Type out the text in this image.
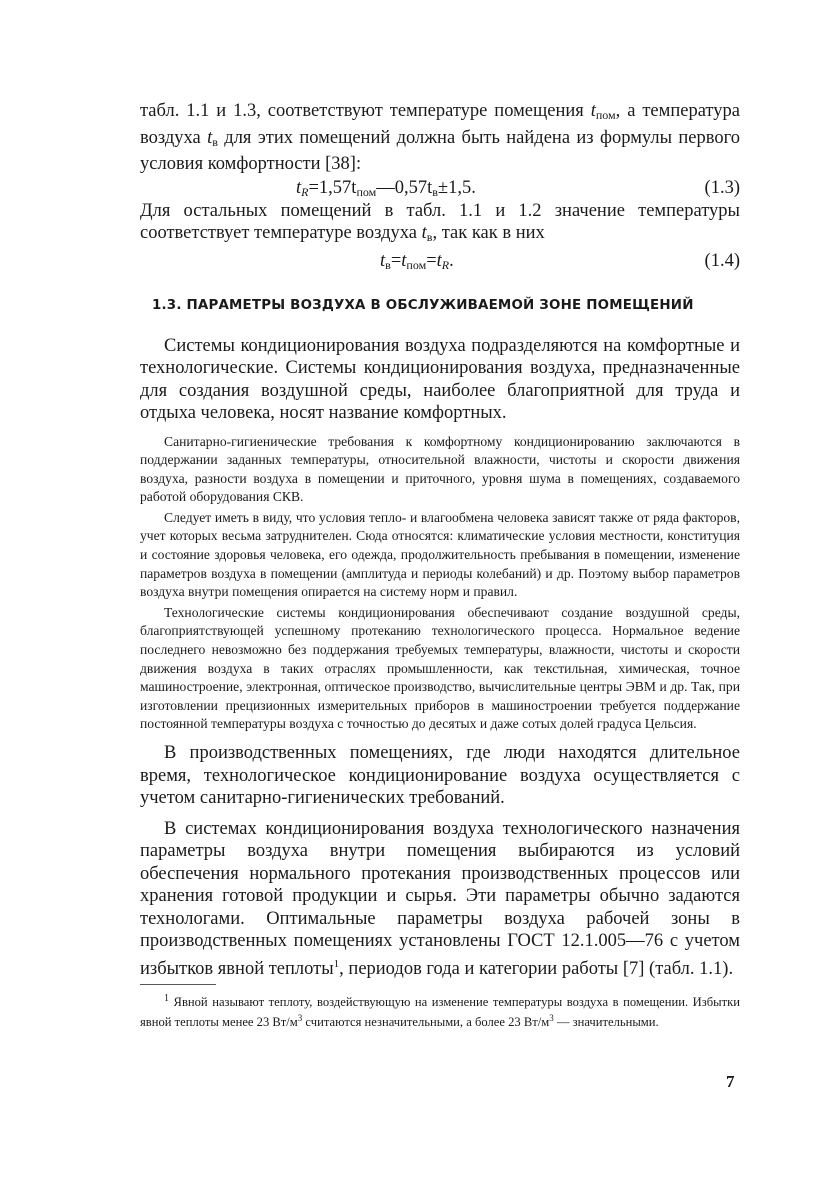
табл. 1.1 и 1.3, соответствуют температуре помещения $t_{пом}$, а температура воздуха $t_в$ для этих помещений должна быть найдена из формулы первого условия комфортности [38]:

$t_R=1,57t_{пом}—0,57t_в\pm 1,5$.	(1.3)

Для остальных помещений в табл. 1.1 и 1.2 значение температуры соответствует температуре воздуха $t_в$, так как в них

$t_в=t_{пом}=t_R$.	(1.4)
1.3. ПАРАМЕТРЫ ВОЗДУХА В ОБСЛУЖИВАЕМОЙ ЗОНЕ ПОМЕЩЕНИЙ

Системы кондиционирования воздуха подразделяются на комфортные и технологические. Системы кондиционирования воздуха, предназначенные для создания воздушной среды, наиболее благоприятной для труда и отдыха человека, носят название комфортных.

Санитарно-гигиенические требования к комфортному кондиционированию заключаются в поддержании заданных температуры, относительной влажности, чистоты и скорости движения воздуха, разности воздуха в помещении и приточного, уровня шума в помещениях, создаваемого работой оборудования СКВ.

Следует иметь в виду, что условия тепло- и влагообмена человека зависят также от ряда факторов, учет которых весьма затруднителен. Сюда относятся: климатические условия местности, конституция и состояние здоровья человека, его одежда, продолжительность пребывания в помещении, изменение параметров воздуха в помещении (амплитуда и периоды колебаний) и др. Поэтому выбор параметров воздуха внутри помещения опирается на систему норм и правил.

Технологические системы кондиционирования обеспечивают создание воздушной среды, благоприятствующей успешному протеканию технологического процесса. Нормальное ведение последнего невозможно без поддержания требуемых температуры, влажности, чистоты и скорости движения воздуха в таких отраслях промышленности, как текстильная, химическая, точное машиностроение, электронная, оптическое производство, вычислительные центры ЭВМ и др. Так, при изготовлении прецизионных измерительных приборов в машиностроении требуется поддержание постоянной температуры воздуха с точностью до десятых и даже сотых долей градуса Цельсия.

В производственных помещениях, где люди находятся длительное время, технологическое кондиционирование воздуха осуществляется с учетом санитарно-гигиенических требований.

В системах кондиционирования воздуха технологического назначения параметры воздуха внутри помещения выбираются из условий обеспечения нормального протекания производственных процессов или хранения готовой продукции и сырья. Эти параметры обычно задаются технологами. Оптимальные параметры воздуха рабочей зоны в производственных помещениях установлены ГОСТ 12.1.005—76 с учетом избытков явной теплоты$^1$, периодов года и категории работы [7] (табл. 1.1).

$^1$ Явной называют теплоту, воздействующую на изменение температуры воздуха в помещении. Избытки явной теплоты менее 23 $Вт/м^3$ считаются незначительными, а более 23 $Вт/м^3$ — значительными.

7
